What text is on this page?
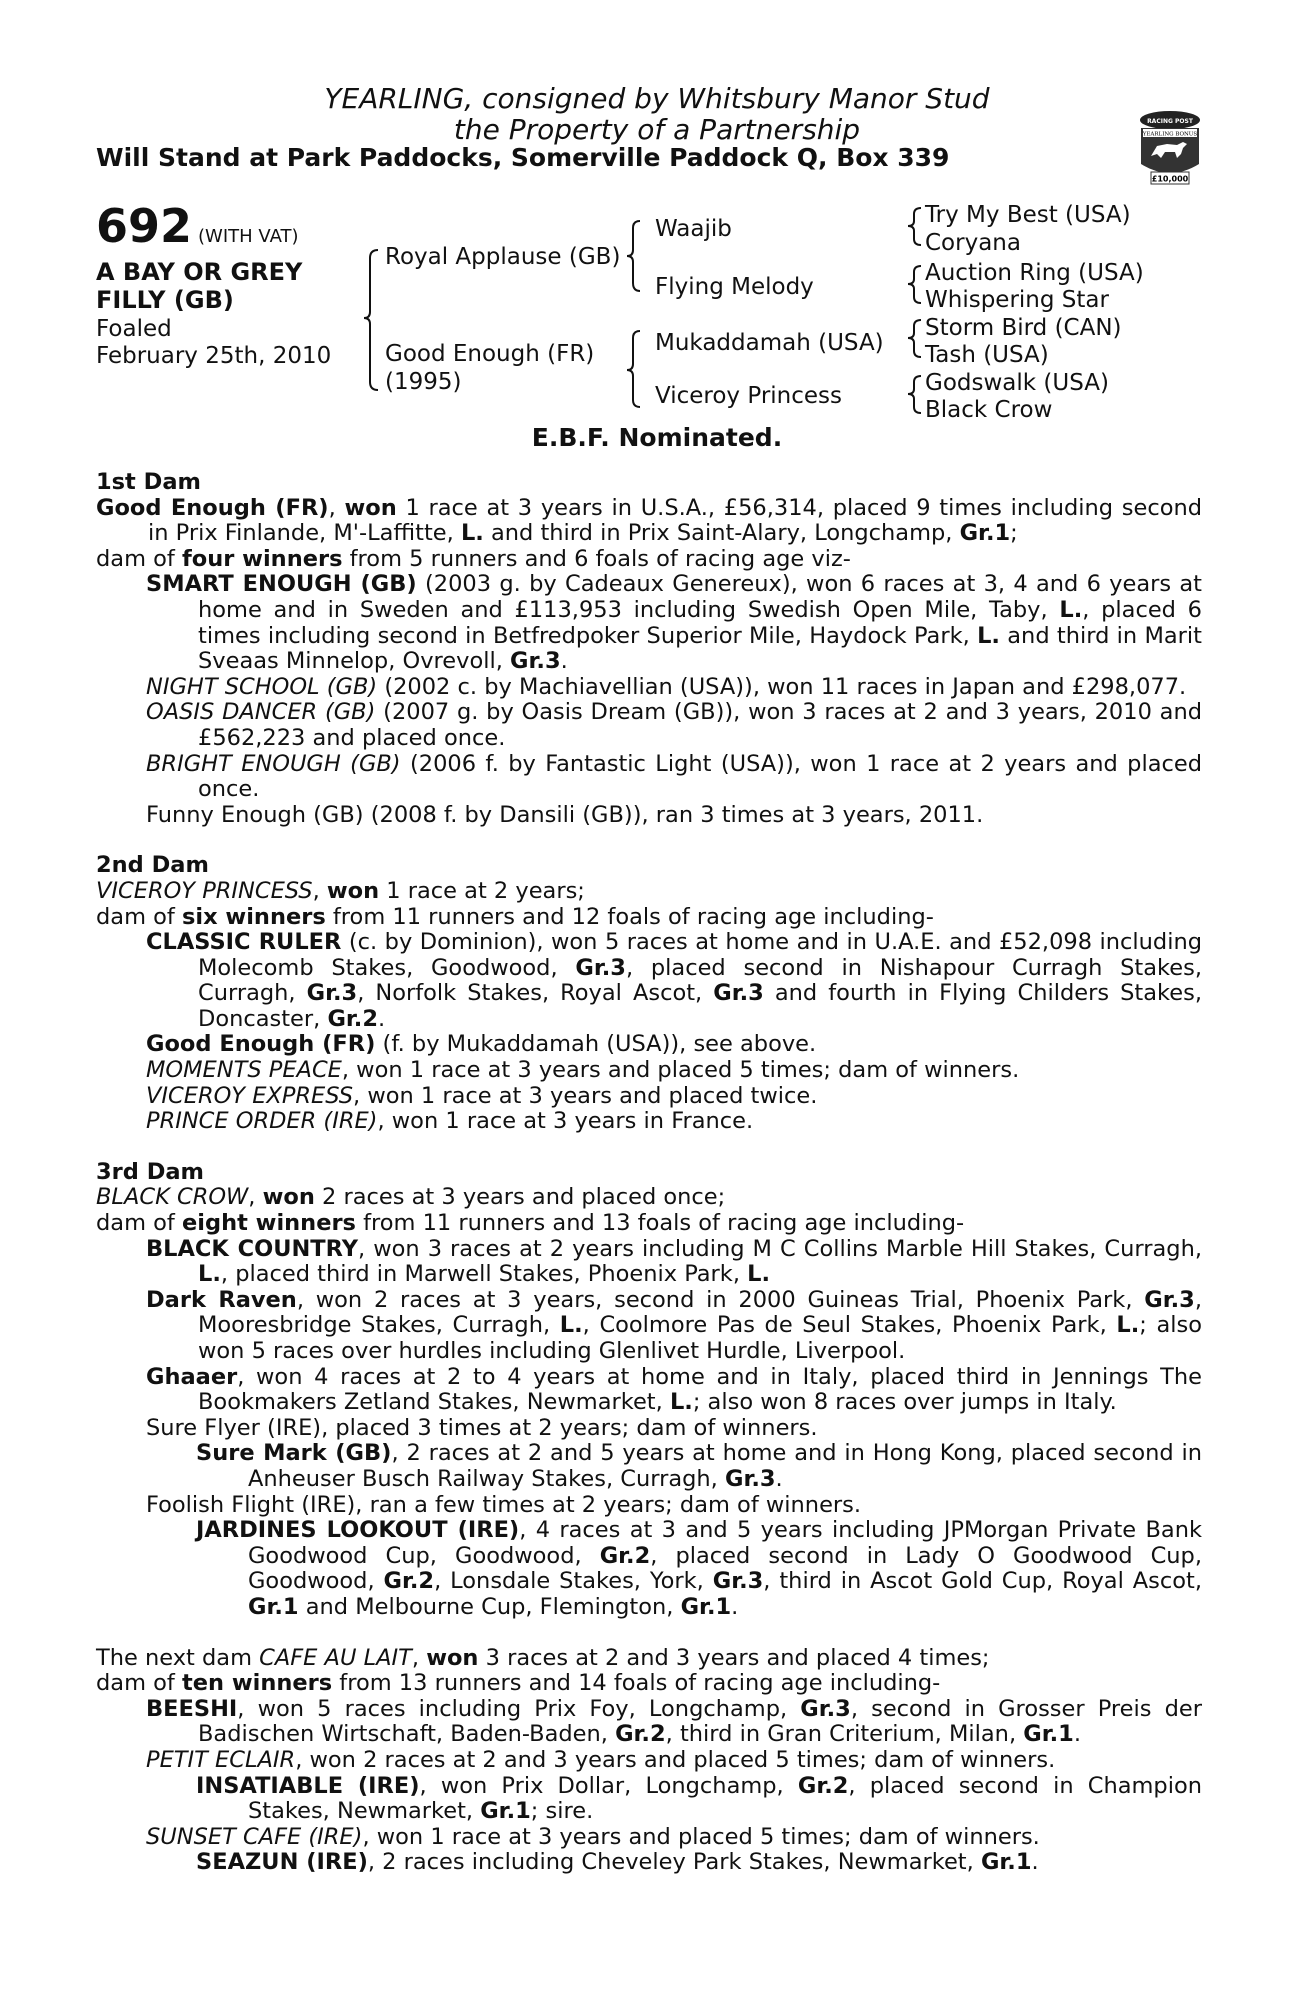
YEARLING, consigned by Whitsbury Manor Stud
the Property of a Partnership
Will Stand at Park Paddocks, Somerville Paddock Q, Box 339
RACING POST
YEARLING BONUS
£10,000
692 (WITH VAT)
A BAY OR GREY
FILLY (GB)
Foaled
February 25th, 2010
Royal Applause (GB)
Good Enough (FR)
(1995)
Waajib
Flying Melody
Mukaddamah (USA)
Viceroy Princess
Try My Best (USA)
Coryana
Auction Ring (USA)
Whispering Star
Storm Bird (CAN)
Tash (USA)
Godswalk (USA)
Black Crow
E.B.F. Nominated.
1st Dam
Good Enough (FR), won 1 race at 3 years in U.S.A., £56,314, placed 9 times including second in Prix Finlande, M'-Laffitte, L. and third in Prix Saint-Alary, Longchamp, Gr.1;
dam of four winners from 5 runners and 6 foals of racing age viz-
SMART ENOUGH (GB) (2003 g. by Cadeaux Genereux), won 6 races at 3, 4 and 6 years at home and in Sweden and £113,953 including Swedish Open Mile, Taby, L., placed 6 times including second in Betfredpoker Superior Mile, Haydock Park, L. and third in Marit Sveaas Minnelop, Ovrevoll, Gr.3.
NIGHT SCHOOL (GB) (2002 c. by Machiavellian (USA)), won 11 races in Japan and £298,077.
OASIS DANCER (GB) (2007 g. by Oasis Dream (GB)), won 3 races at 2 and 3 years, 2010 and £562,223 and placed once.
BRIGHT ENOUGH (GB) (2006 f. by Fantastic Light (USA)), won 1 race at 2 years and placed once.
Funny Enough (GB) (2008 f. by Dansili (GB)), ran 3 times at 3 years, 2011.
2nd Dam
VICEROY PRINCESS, won 1 race at 2 years;
dam of six winners from 11 runners and 12 foals of racing age including-
CLASSIC RULER (c. by Dominion), won 5 races at home and in U.A.E. and £52,098 including Molecomb Stakes, Goodwood, Gr.3, placed second in Nishapour Curragh Stakes, Curragh, Gr.3, Norfolk Stakes, Royal Ascot, Gr.3 and fourth in Flying Childers Stakes, Doncaster, Gr.2.
Good Enough (FR) (f. by Mukaddamah (USA)), see above.
MOMENTS PEACE, won 1 race at 3 years and placed 5 times; dam of winners.
VICEROY EXPRESS, won 1 race at 3 years and placed twice.
PRINCE ORDER (IRE), won 1 race at 3 years in France.
3rd Dam
BLACK CROW, won 2 races at 3 years and placed once;
dam of eight winners from 11 runners and 13 foals of racing age including-
BLACK COUNTRY, won 3 races at 2 years including M C Collins Marble Hill Stakes, Curragh, L., placed third in Marwell Stakes, Phoenix Park, L.
Dark Raven, won 2 races at 3 years, second in 2000 Guineas Trial, Phoenix Park, Gr.3, Mooresbridge Stakes, Curragh, L., Coolmore Pas de Seul Stakes, Phoenix Park, L.; also won 5 races over hurdles including Glenlivet Hurdle, Liverpool.
Ghaaer, won 4 races at 2 to 4 years at home and in Italy, placed third in Jennings The Bookmakers Zetland Stakes, Newmarket, L.; also won 8 races over jumps in Italy.
Sure Flyer (IRE), placed 3 times at 2 years; dam of winners.
Sure Mark (GB), 2 races at 2 and 5 years at home and in Hong Kong, placed second in Anheuser Busch Railway Stakes, Curragh, Gr.3.
Foolish Flight (IRE), ran a few times at 2 years; dam of winners.
JARDINES LOOKOUT (IRE), 4 races at 3 and 5 years including JPMorgan Private Bank Goodwood Cup, Goodwood, Gr.2, placed second in Lady O Goodwood Cup, Goodwood, Gr.2, Lonsdale Stakes, York, Gr.3, third in Ascot Gold Cup, Royal Ascot, Gr.1 and Melbourne Cup, Flemington, Gr.1.
The next dam CAFE AU LAIT, won 3 races at 2 and 3 years and placed 4 times;
dam of ten winners from 13 runners and 14 foals of racing age including-
BEESHI, won 5 races including Prix Foy, Longchamp, Gr.3, second in Grosser Preis der Badischen Wirtschaft, Baden-Baden, Gr.2, third in Gran Criterium, Milan, Gr.1.
PETIT ECLAIR, won 2 races at 2 and 3 years and placed 5 times; dam of winners.
INSATIABLE (IRE), won Prix Dollar, Longchamp, Gr.2, placed second in Champion Stakes, Newmarket, Gr.1; sire.
SUNSET CAFE (IRE), won 1 race at 3 years and placed 5 times; dam of winners.
SEAZUN (IRE), 2 races including Cheveley Park Stakes, Newmarket, Gr.1.
